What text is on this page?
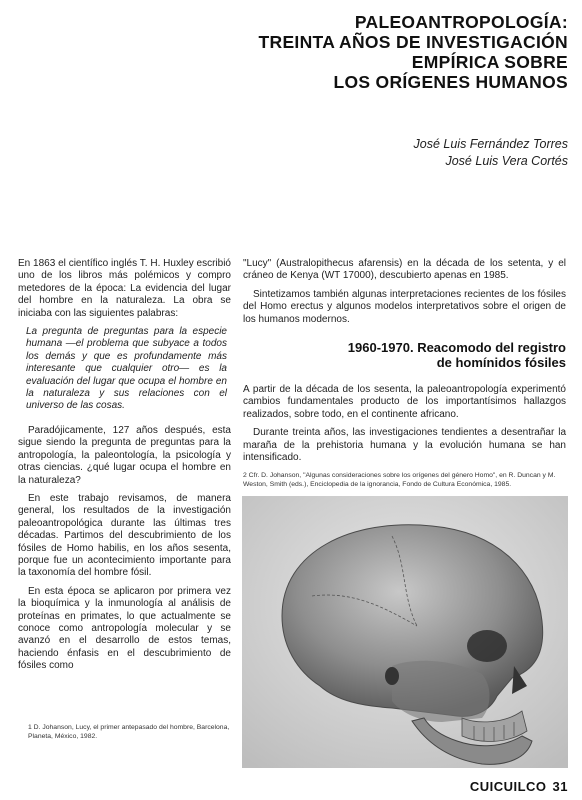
PALEOANTROPOLOGÍA:
TREINTA AÑOS DE INVESTIGACIÓN
EMPÍRICA SOBRE
LOS ORÍGENES HUMANOS
José Luis Fernández Torres
José Luis Vera Cortés

En 1863 el científico inglés T. H. Huxley escribió uno de los libros más polémicos y compro metedores de la época: La evidencia del lugar del hombre en la naturaleza. La obra se iniciaba con las siguientes palabras:

La pregunta de preguntas para la especie humana —el problema que subyace a todos los demás y que es profundamente más interesante que cualquier otro— es la evaluación del lugar que ocupa el hombre en la naturaleza y sus relaciones con el universo de las cosas.

Paradójicamente, 127 años después, esta sigue siendo la pregunta de preguntas para la antropología, la paleontología, la psicología y otras ciencias. ¿qué lugar ocupa el hombre en la naturaleza?

En este trabajo revisamos, de manera general, los resultados de la investigación paleoantropológica durante las últimas tres décadas. Partimos del descubrimiento de los fósiles de Homo habilis, en los años sesenta, porque fue un acontecimiento importante para la taxonomía del hombre fósil.

En esta época se aplicaron por primera vez la bioquímica y la inmunología al análisis de proteínas en primates, lo que actualmente se conoce como antropología molecular y se avanzó en el desarrollo de estos temas, haciendo énfasis en el descubrimiento de fósiles como

1 D. Johanson, Lucy, el primer antepasado del hombre, Barcelona, Planeta, México, 1982.

"Lucy" (Australopithecus afarensis) en la década de los setenta, y el cráneo de Kenya (WT 17000), descubierto apenas en 1985.

Sintetizamos también algunas interpretaciones recientes de los fósiles del Homo erectus y algunos modelos interpretativos sobre el origen de los humanos modernos.

1960-1970. Reacomodo del registro
de homínidos fósiles

A partir de la década de los sesenta, la paleoantropología experimentó cambios fundamentales producto de los importantísimos hallazgos realizados, sobre todo, en el continente africano.

Durante treinta años, las investigaciones tendientes a desentrañar la maraña de la prehistoria humana y la evolución humana se han intensificado.

2 Cfr. D. Johanson, "Algunas consideraciones sobre los orígenes del género Homo", en R. Duncan y M. Weston, Smith (eds.), Enciclopedia de la ignorancia, Fondo de Cultura Económica, 1985.
CUICUILCO 31
